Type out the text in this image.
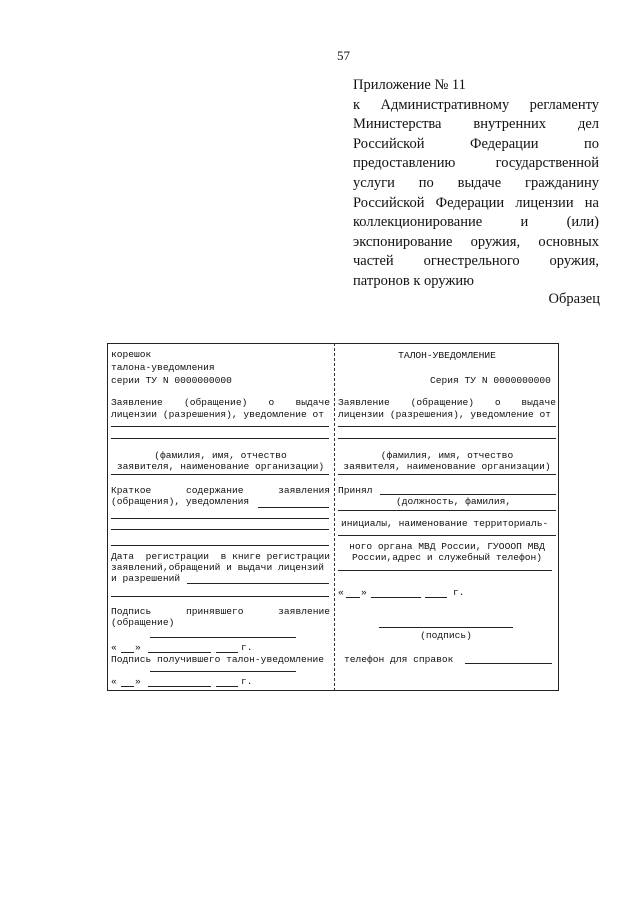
57
Приложение № 11
к Административному регламенту Министерства внутренних дел Российской Федерации по предоставлению государственной услуги по выдаче гражданину Российской Федерации лицензии на коллекционирование и (или) экспонирование оружия, основных частей огнестрельного оружия, патронов к оружию
Образец
корешок
талона-уведомления
серии ТУ N 0000000000
Заявление (обращение) о выдаче
лицензии (разрешения), уведомление от
(фамилия, имя, отчество
заявителя, наименование организации)
Краткое	содержание	заявления
(обращения), уведомления
Дата регистрации в книге регистрации
заявлений,обращений и выдачи лицензий
и разрешений
Подпись	принявшего	заявление
(обращение)
« »	г.
Подпись получившего талон-уведомление
« »	г.
ТАЛОН-УВЕДОМЛЕНИЕ
Серия ТУ N 0000000000
Заявление (обращение) о выдаче
лицензии (разрешения), уведомление от
(фамилия, имя, отчество
заявителя, наименование организации)
Принял
(должность, фамилия,
инициалы, наименование территориаль-
ного органа МВД России, ГУОООП МВД
России,адрес и служебный телефон)
« »	г.
(подпись)
телефон для справок
